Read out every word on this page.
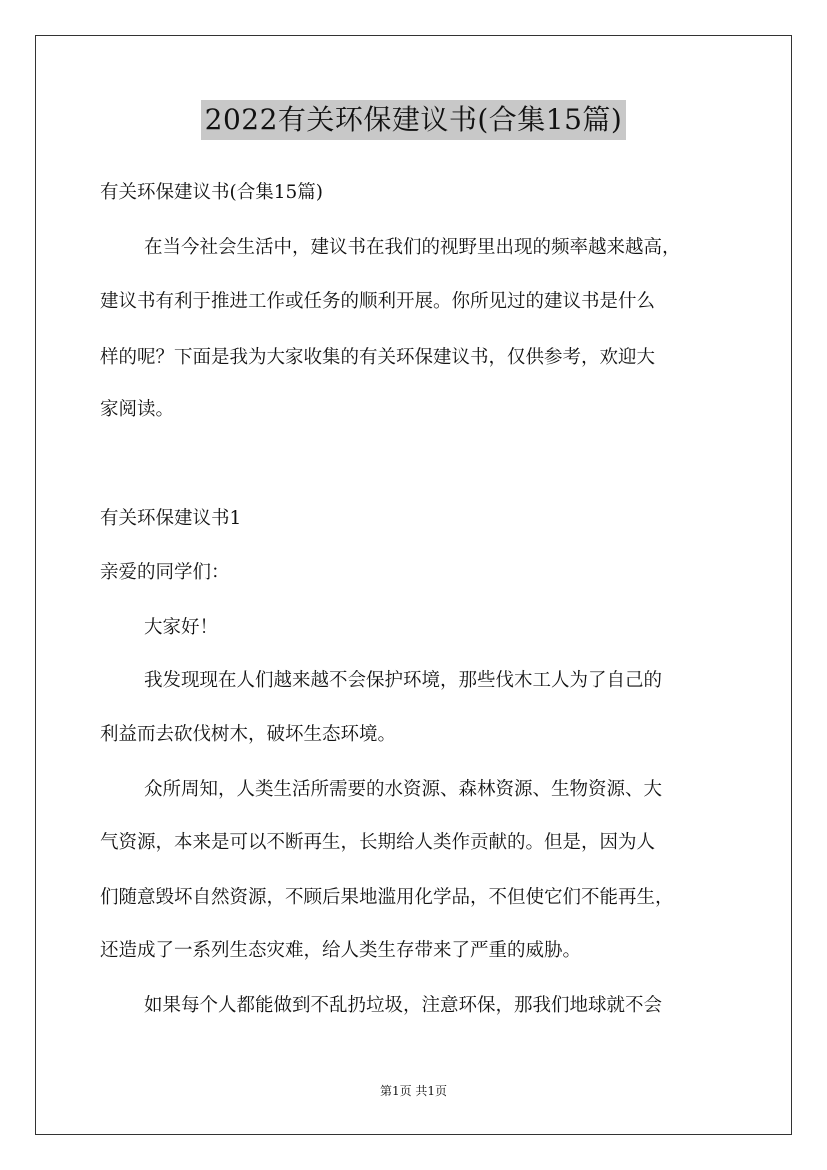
2022有关环保建议书(合集15篇)
有关环保建议书(合集15篇)
在当今社会生活中，建议书在我们的视野里出现的频率越来越高，
建议书有利于推进工作或任务的顺利开展。你所见过的建议书是什么
样的呢？下面是我为大家收集的有关环保建议书，仅供参考，欢迎大
家阅读。
有关环保建议书1
亲爱的同学们：
大家好！
我发现现在人们越来越不会保护环境，那些伐木工人为了自己的
利益而去砍伐树木，破坏生态环境。
众所周知，人类生活所需要的水资源、森林资源、生物资源、大
气资源，本来是可以不断再生，长期给人类作贡献的。但是，因为人
们随意毁坏自然资源，不顾后果地滥用化学品，不但使它们不能再生，
还造成了一系列生态灾难，给人类生存带来了严重的威胁。
如果每个人都能做到不乱扔垃圾，注意环保，那我们地球就不会
第1页 共1页
